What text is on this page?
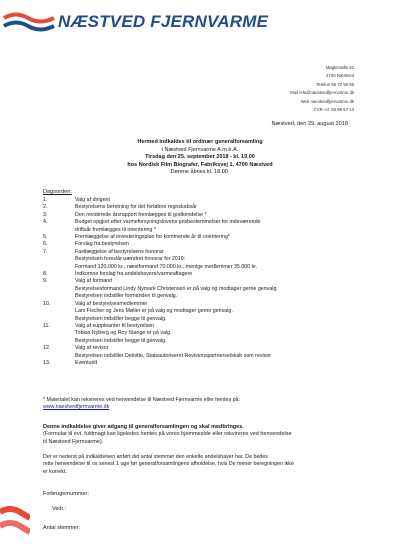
NÆSTVED FJERNVARME
Maglemølle 62
4700 Næstved
Telefon 55 72 56 65
Mail info@naestvedfjernvarme.dk
Web naestvedfjernvarme.dk
CVR.-nr. 69 99 57 13
Næstved, den 29. august 2018
Hermed indkaldes til ordinær generalforsamling
i Næstved Fjernvarme A.m.b.A.
Tirsdag den 25. september 2018 - kl. 19.00
hos Nordisk Film Biografer, Fabriksvej 1, 4700 Næstved
Dørene åbnes kl. 18.00.
Dagsorden:
1.	Valg af dirigent
2.	Bestyrelsens beretning for det forløbne regnskabsår
3.	Den reviderede årsrapport fremlægges til godkendelse *
4.	Budget opgjort efter varmeforsyningslovens prisbestemmelser for indeværende
driftsår fremlægges til orientering *
5.	Fremlæggelse af investeringsplan for kommende år til orientering*
6.	Forslag fra bestyrelsen
7.	Fastlæggelse af bestyrelsens honorar
Bestyrelsen foreslår uændret honorar for 2019:
Formand 120.000 kr., næstformand 70.000 kr., menige medlemmer 35.000 kr.
8.	Indkomne forslag fra andelshavere/varmeaftagere
9.	Valg af formand
Bestyrelsesformand Lindy Nymark Christensen er på valg og modtager gerne genvalg.
Bestyrelsen indstiller formanden til genvalg.
10.	Valg af bestyrelsesmedlemmer
Lars Fischer og Jens Møller er på valg og modtager gerne genvalg.
Bestyrelsen indstiller begge til genvalg.
11.	Valg af suppleanter til bestyrelsen
Tobias Nyberg og Roy Stange er på valg.
Bestyrelsen indstiller begge til genvalg.
12.	Valg af revisor
Bestyrelsen indstiller Deloitte, Statsautoriseret Revisionspartnerselskab som revisor
13.	Eventuelt
* Materialet kan rekvireres ved henvendelse til Næstved Fjernvarme eller hentes på:
www.naestvedfjernvarme.dk
Denne indkaldelse giver adgang til generalforsamlingen og skal medbringes.
(Formular til evt. fuldmagt kan ligeledes hentes på vores hjemmeside eller rekvireres ved henvendelse
til Næstved Fjernvarme).
Der er nederst på indkaldelsen anført det antal stemmer den enkelte andelshaver har. De bedes
rette henvendelse til os senest 1 uge før generalforsamlingens afholdelse, hvis De mener beregningen ikke
er korrekt.
Forbrugernummer:
Vedr.:
Antal stemmer:
